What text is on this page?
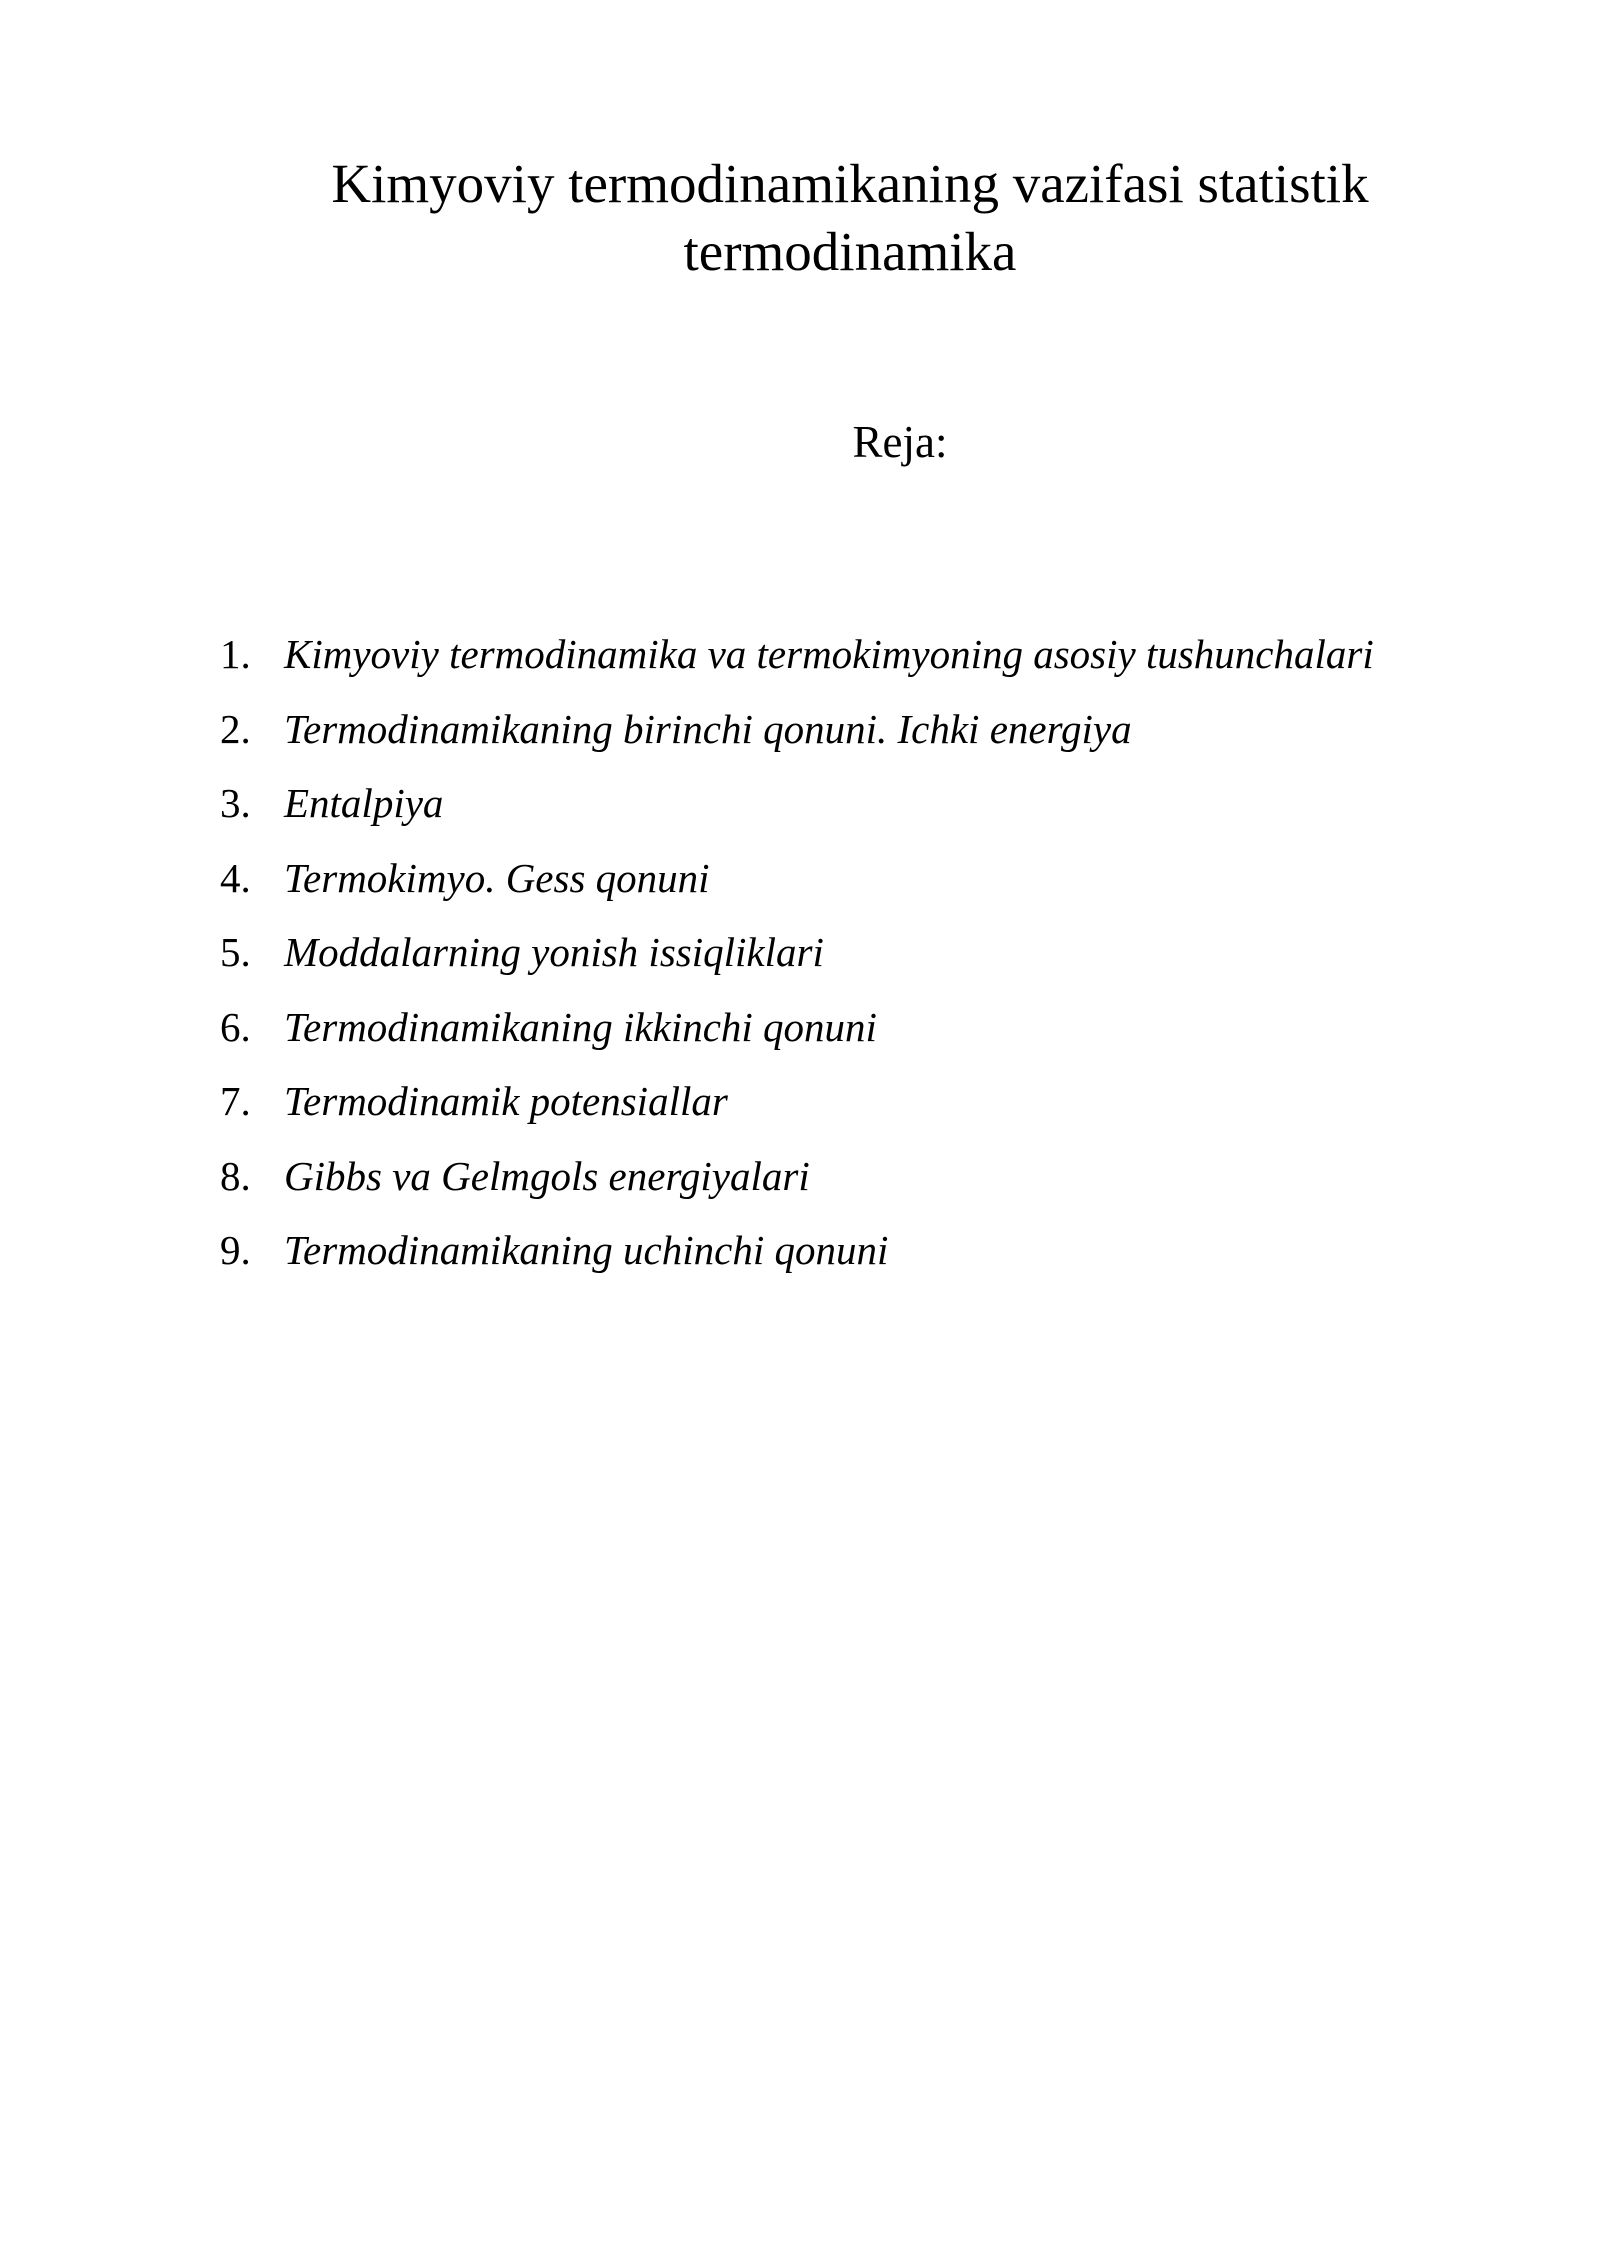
Kimyoviy termodinamikaning vazifasi statistik termodinamika

Reja:

1. Kimyoviy termodinamika va termokimyoning asosiy tushunchalari
2. Termodinamikaning birinchi qonuni. Ichki energiya
3. Entalpiya
4. Termokimyo. Gess qonuni
5. Moddalarning yonish issiqliklari
6. Termodinamikaning ikkinchi qonuni
7. Termodinamik potensiallar
8. Gibbs va Gelmgols energiyalari
9. Termodinamikaning uchinchi qonuni
